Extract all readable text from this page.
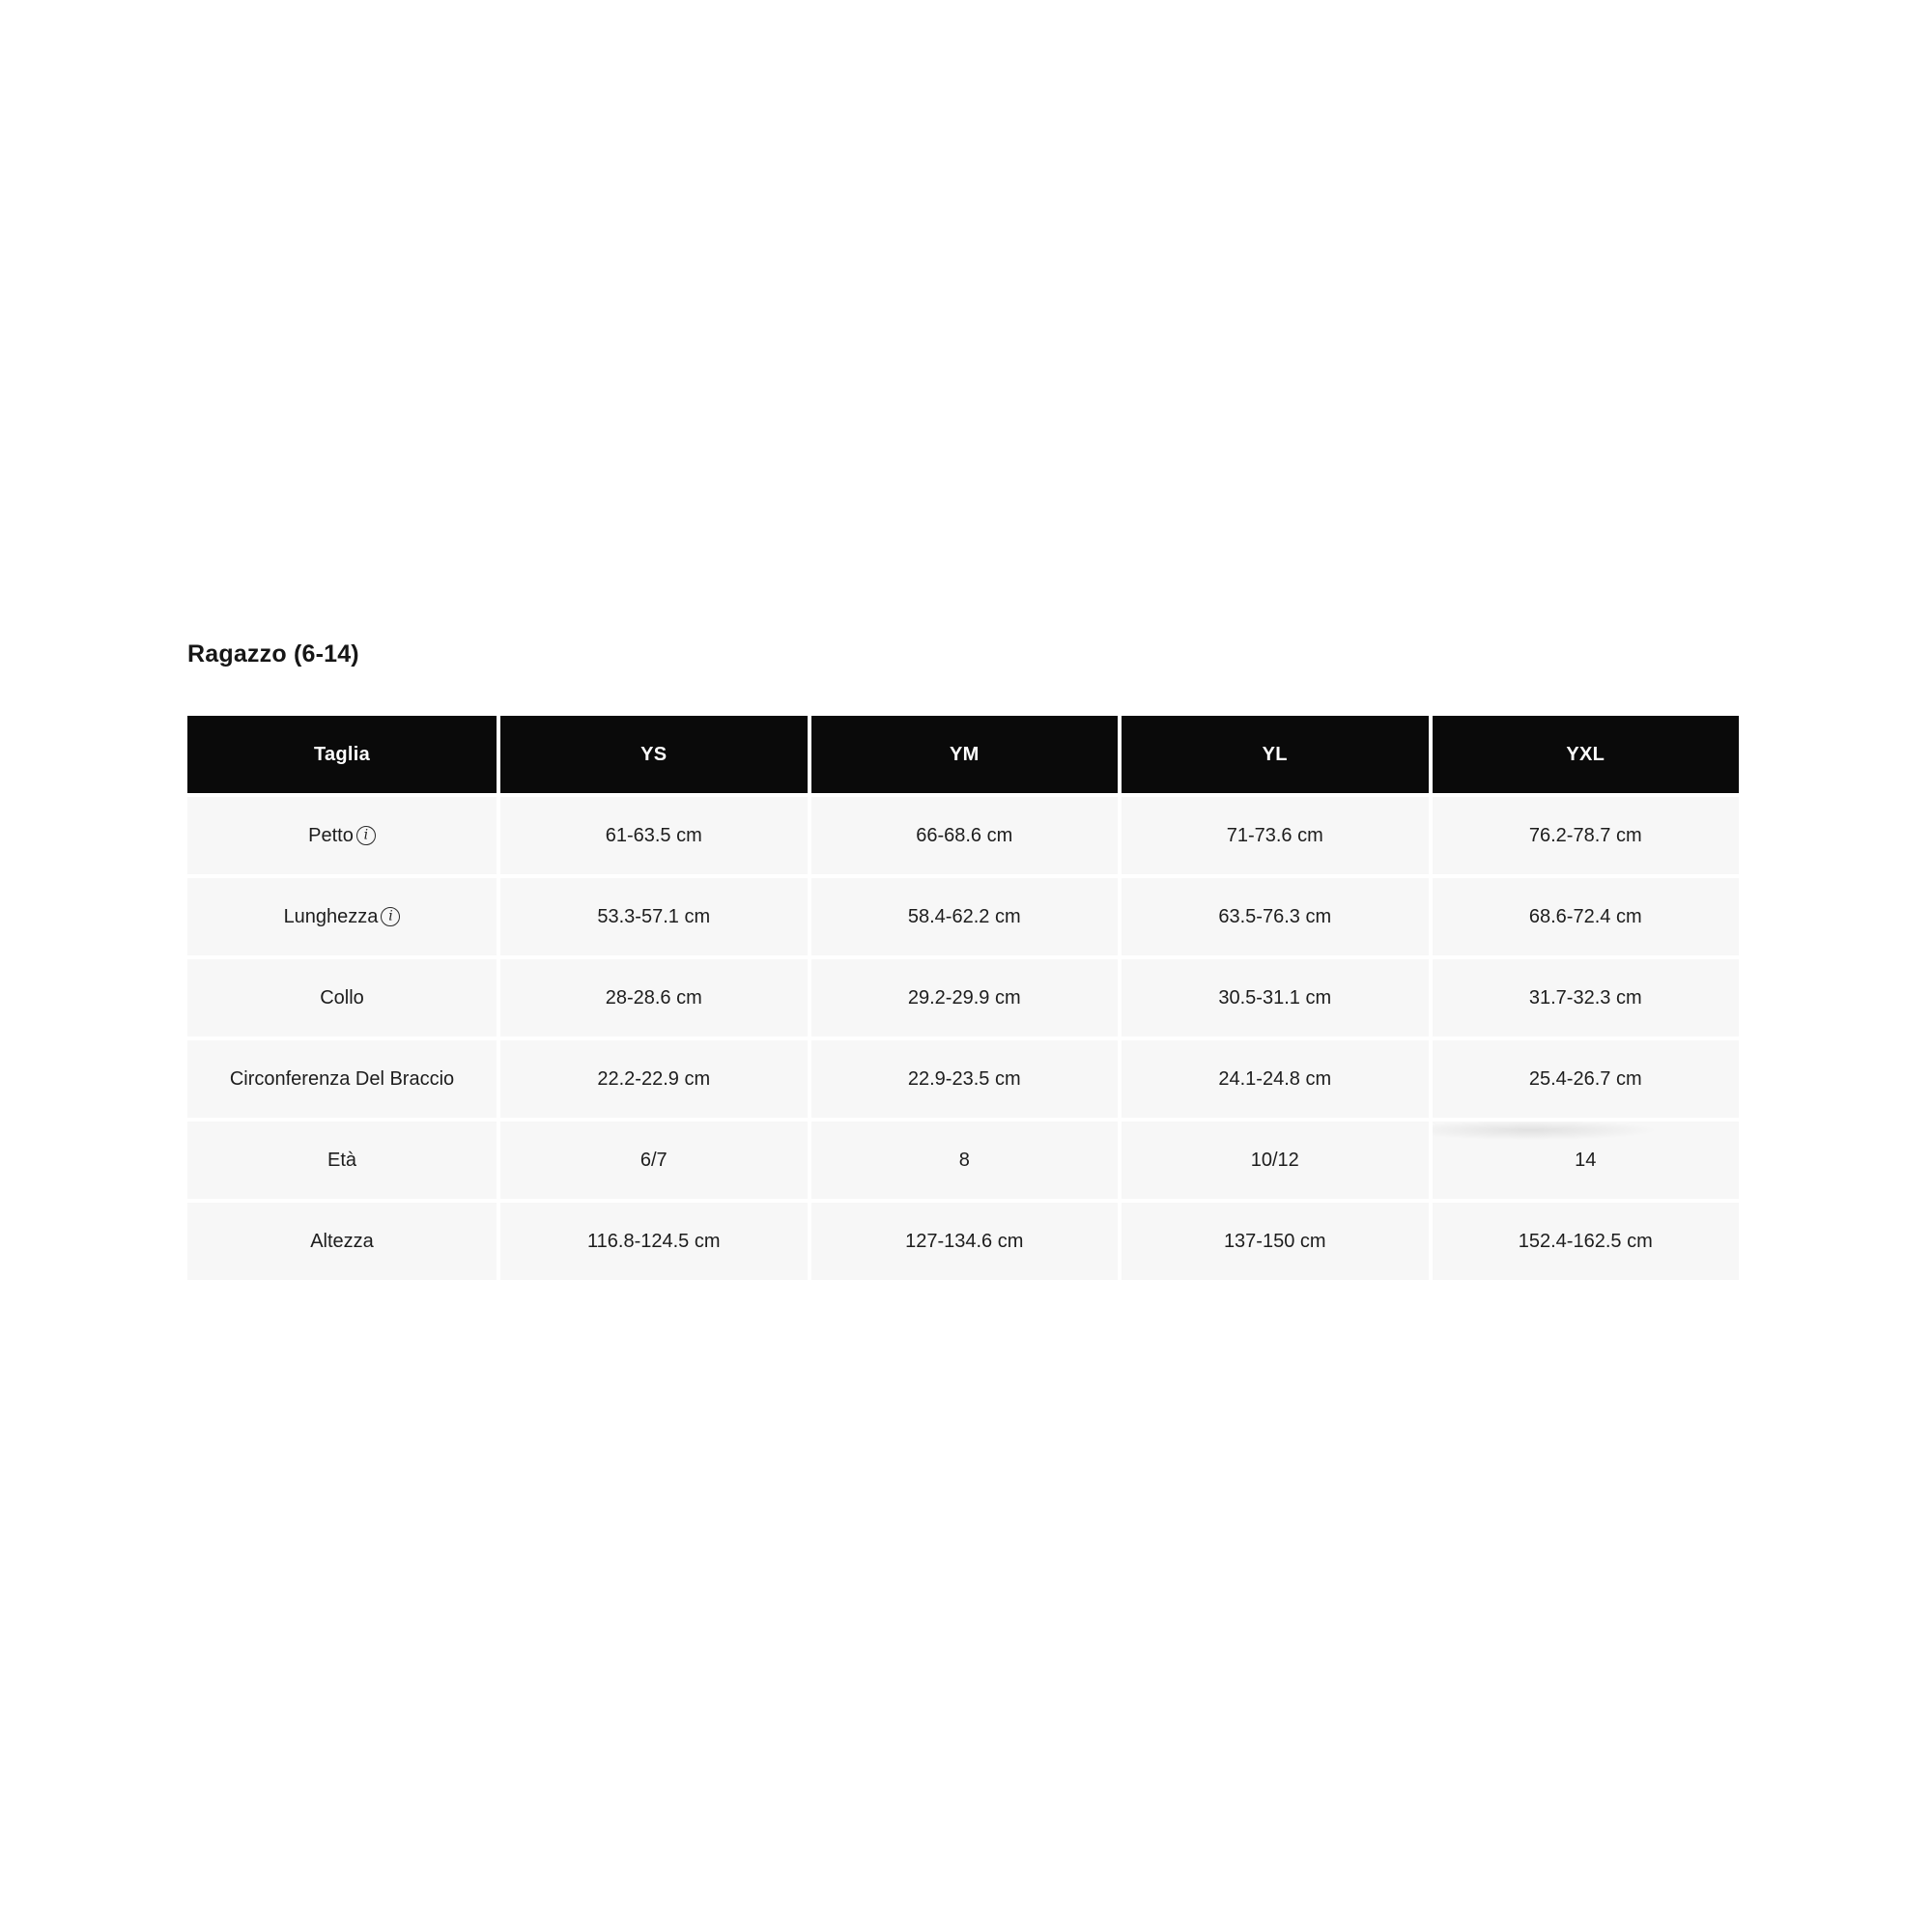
Ragazzo (6-14)
Taglia	YS	YM	YL	YXL
Petto i	61-63.5 cm	66-68.6 cm	71-73.6 cm	76.2-78.7 cm
Lunghezza i	53.3-57.1 cm	58.4-62.2 cm	63.5-76.3 cm	68.6-72.4 cm
Collo	28-28.6 cm	29.2-29.9 cm	30.5-31.1 cm	31.7-32.3 cm
Circonferenza Del Braccio	22.2-22.9 cm	22.9-23.5 cm	24.1-24.8 cm	25.4-26.7 cm
Età	6/7	8	10/12	14
Altezza	116.8-124.5 cm	127-134.6 cm	137-150 cm	152.4-162.5 cm
